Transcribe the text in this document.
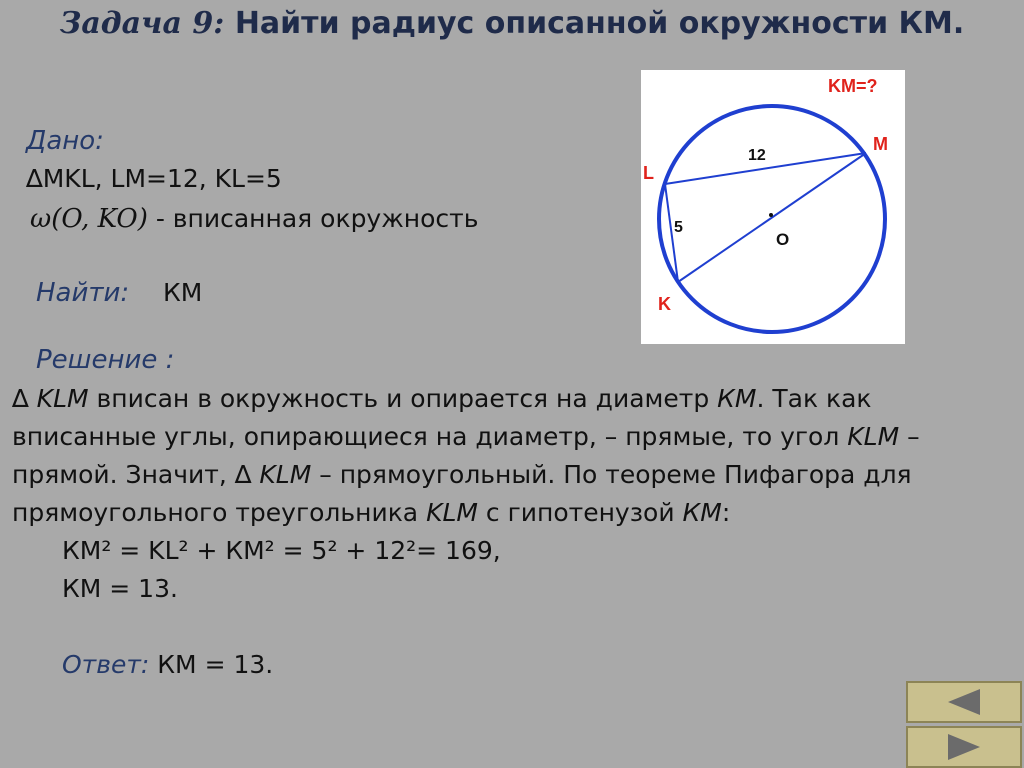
Задача 9: Найти радиус описанной окружности КМ.
Дано:
∆MKL, LM=12, KL=5
ω(O, KO) - вписанная окружность
Найти: КМ
Решение :
∆ KLM вписан в окружность и опирается на диаметр КМ. Так как вписанные углы, опирающиеся на диаметр, – прямые, то угол KLM – прямой. Значит, ∆ KLM – прямоугольный. По теореме Пифагора для прямоугольного треугольника KLM с гипотенузой КМ:
КМ² = KL² + КМ² = 5² + 12²= 169,
КМ = 13.
Ответ: КМ = 13.
KM=?
M
L
K
O
12
5
